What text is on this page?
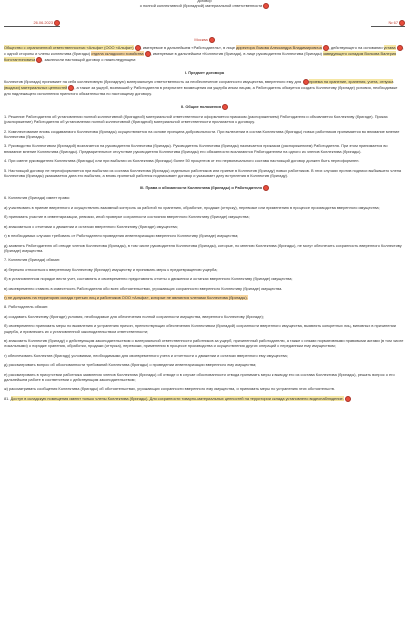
договор
о полной коллективной (бригадной) материальной ответственности
26.06.2023	№ 67
Москва

Общество с ограниченной ответственностью «Альфа» (ООО «Альфа») , именуемое в дальнейшем «Работодатель», в лице директора Львова Александра Владимировича , действующего на основании устава , с одной стороны и члены коллектива (бригады) отдела складского хозяйства , именуемые в дальнейшем «Коллектив (бригада), в лице руководителя Коллектива (бригады) заведующего складом Волкова Валерия Константиновича , заключили настоящий договор о нижеследующем:

I. Предмет договора

Коллектив (бригада) принимает на себя коллективную (бригадную) материальную ответственность за необеспечение сохранности имущества, вверенного ему для приема на хранение, хранения, учета, отпуска (выдачи) материальных ценностей , а также за ущерб, возникший у Работодателя в результате возмещения им ущерба иным лицам, а Работодатель обязуется создать Коллективу (бригаде) условия, необходимые для надлежащего исполнения принятого обязательства по настоящему договору.

II. Общие положения

1. Решение Работодателя об установлении полной коллективной (бригадной) материальной ответственности оформляется приказом (распоряжением) Работодателя и объявляется Коллективу (бригаде). Приказ (распоряжение) Работодателя об установлении полной коллективной (бригадной) материальной ответственности прилагается к договору.

2. Комплектование вновь создаваемого Коллектива (бригады) осуществляется на основе принципа добровольности. При включении в состав Коллектива (бригады) новых работников принимается во внимание мнение Коллектива (бригады).

3. Руководство Коллективом (бригадой) возлагается на руководителя Коллектива (бригады). Руководитель Коллектива (бригады) назначается приказом (распоряжением) Работодателя. При этом принимается во внимание мнение Коллектива (бригады). Предварительное отсутствие руководителя Коллектива (бригады) его обязанности возлагаются Работодателем на одного из членов Коллектива (бригады).

4. При смене руководителя Коллектива (бригады) или при выбытии из Коллектива (бригады) более 50 процентов от его первоначального состава настоящий договор должен быть переоформлен.

5. Настоящий договор не переоформляется при выбытии из состава Коллектива (бригады) отдельных работников или приеме в Коллектив (бригаду) новых работников. В этих случаях против подписи выбывшего члена Коллектива (бригады) указывается дата его выбытия, а вновь принятый работник подписывает договор и указывает дату вступления в Коллектив (бригаду).

III. Права и обязанности Коллектива (бригады) и Работодателя

6. Коллектив (бригада) имеет право:

а) участвовать в приеме вверенного и осуществлять взаимный контроль за работой по хранению, обработке, продаже (отпуску), перевозке или применению в процессе производства вверенного имущества;

б) принимать участие в инвентаризации, ревизии, иной проверке сохранности состояния вверенного Коллективу (бригаде) имущества;

в) знакомиться с отчетами о движении и остатках вверенного Коллективу (бригаде) имущества;

г) в необходимых случаях требовать от Работодателя проведения инвентаризации вверенного Коллективу (бригаде) имущества;

д) заявлять Работодателю об отводе членов Коллектива (бригады), в том числе руководителя Коллектива (бригады), которые, по мнению Коллектива (бригады), не могут обеспечить сохранность вверенного Коллективу (бригаде) имущества.

7. Коллектив (бригада) обязан:

а) бережно относиться к вверенному Коллективу (бригаде) имуществу и принимать меры к предотвращению ущерба;

б) в установленном порядке вести учет, составлять и своевременно представлять отчеты о движении и остатках вверенного Коллективу (бригаде) имущества;

в) своевременно ставить в известность Работодателя обо всех обстоятельствах, угрожающих сохранности вверенного Коллективу (бригаде) имущества.

г) не допускать на территорию склада третьих лиц и работников ООО «Альфа», которые не являются членами Коллектива (бригады).

8. Работодатель обязан:

а) создавать Коллективу (бригаде) условия, необходимые для обеспечения полной сохранности имущества, вверенного Коллективу (бригаде);

б) своевременно принимать меры по выявлению и устранению причин, препятствующих обеспечению Коллективом (бригадой) сохранности вверенного имущества, выявлять конкретных лиц, виновных в причинении ущерба, и привлекать их к установленной законодательством ответственности;

в) знакомить Коллектив (бригаду) с действующим законодательством о материальной ответственности работников за ущерб, причиненный работодателю, а также с иными нормативными правовыми актами (в том числе локальными) о порядке хранения, обработки, продажи (отпуска), перевозки, применения в процессе производства и осуществления других операций с переданным ему имуществом;

г) обеспечивать Коллектив (бригаду) условиями, необходимыми для своевременного учета и отчетности о движении и остатках вверенного ему имущества;

д) рассматривать вопрос об обоснованности требований Коллектива (бригады) о проведении инвентаризации вверенного ему имущества;

е) рассматривать в присутствии работника заявления членов Коллектива (бригады) об отводе и в случае обоснованности отвода принимать меры к выводу его из состава Коллектива (бригады), решать вопрос о его дальнейшем работе в соответствии с действующим законодательством;

ж) рассматривать сообщения Коллектива (бригады) об обстоятельствах, угрожающих сохранности вверенного ему имущества, и принимать меры по устранению этих обстоятельств.

81. Доступ в складскую помещения имеют только члены Коллектива (бригады). Для сохранности товарно-материальных ценностей на территории склада установлено видеонаблюдение.
